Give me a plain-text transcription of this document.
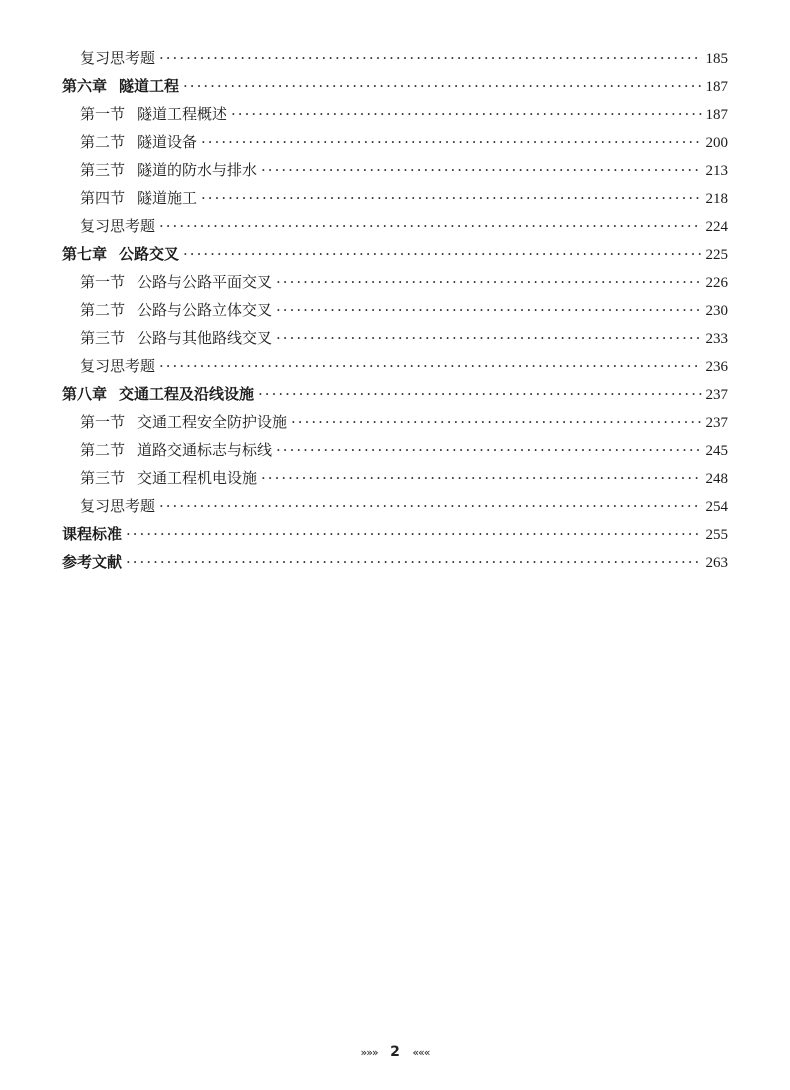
复习思考题 ·····	185
第六章 隧道工程 ·····	187
第一节 隧道工程概述 ·····	187
第二节 隧道设备 ·····	200
第三节 隧道的防水与排水 ·····	213
第四节 隧道施工 ·····	218
复习思考题 ·····	224
第七章 公路交叉 ·····	225
第一节 公路与公路平面交叉 ·····	226
第二节 公路与公路立体交叉 ·····	230
第三节 公路与其他路线交叉 ·····	233
复习思考题 ·····	236
第八章 交通工程及沿线设施 ·····	237
第一节 交通工程安全防护设施 ·····	237
第二节 道路交通标志与标线 ·····	245
第三节 交通工程机电设施 ·····	248
复习思考题 ·····	254
课程标准 ·····	255
参考文献 ·····	263
»»» 2 «««
